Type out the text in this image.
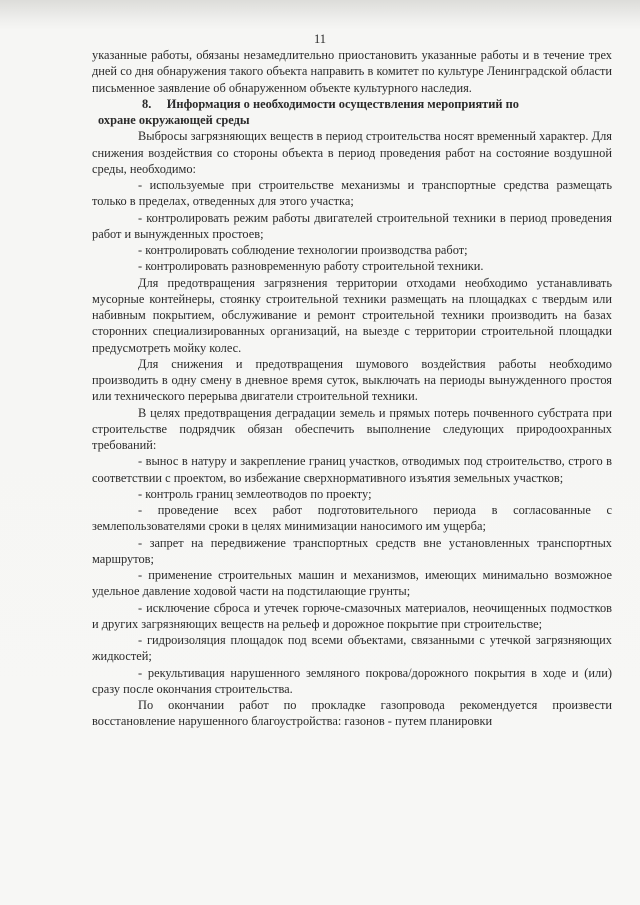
11

указанные работы, обязаны незамедлительно приостановить указанные работы и в течение трех дней со дня обнаружения такого объекта направить в комитет по культуре Ленинградской области письменное заявление об обнаруженном объекте культурного наследия.

8. Информация о необходимости осуществления мероприятий по

охране окружающей среды

Выбросы загрязняющих веществ в период строительства носят временный характер. Для снижения воздействия со стороны объекта в период проведения работ на состояние воздушной среды, необходимо:

- используемые при строительстве механизмы и транспортные средства размещать только в пределах, отведенных для этого участка;

- контролировать режим работы двигателей строительной техники в период проведения работ и вынужденных простоев;

- контролировать соблюдение технологии производства работ;

- контролировать разновременную работу строительной техники.

Для предотвращения загрязнения территории отходами необходимо устанавливать мусорные контейнеры, стоянку строительной техники размещать на площадках с твердым или набивным покрытием, обслуживание и ремонт строительной техники производить на базах сторонних специализированных организаций, на выезде с территории строительной площадки предусмотреть мойку колес.

Для снижения и предотвращения шумового воздействия работы необходимо производить в одну смену в дневное время суток, выключать на периоды вынужденного простоя или технического перерыва двигатели строительной техники.

В целях предотвращения деградации земель и прямых потерь почвенного субстрата при строительстве подрядчик обязан обеспечить выполнение следующих природоохранных требований:

- вынос в натуру и закрепление границ участков, отводимых под строительство, строго в соответствии с проектом, во избежание сверхнормативного изъятия земельных участков;

- контроль границ землеотводов по проекту;

- проведение всех работ подготовительного периода в согласованные с землепользователями сроки в целях минимизации наносимого им ущерба;

- запрет на передвижение транспортных средств вне установленных транспортных маршрутов;

- применение строительных машин и механизмов, имеющих минимально возможное удельное давление ходовой части на подстилающие грунты;

- исключение сброса и утечек горюче-смазочных материалов, неочищенных подмостков и других загрязняющих веществ на рельеф и дорожное покрытие при строительстве;

- гидроизоляция площадок под всеми объектами, связанными с утечкой загрязняющих жидкостей;

- рекультивация нарушенного земляного покрова/дорожного покрытия в ходе и (или) сразу после окончания строительства.

По окончании работ по прокладке газопровода рекомендуется произвести восстановление нарушенного благоустройства: газонов - путем планировки
